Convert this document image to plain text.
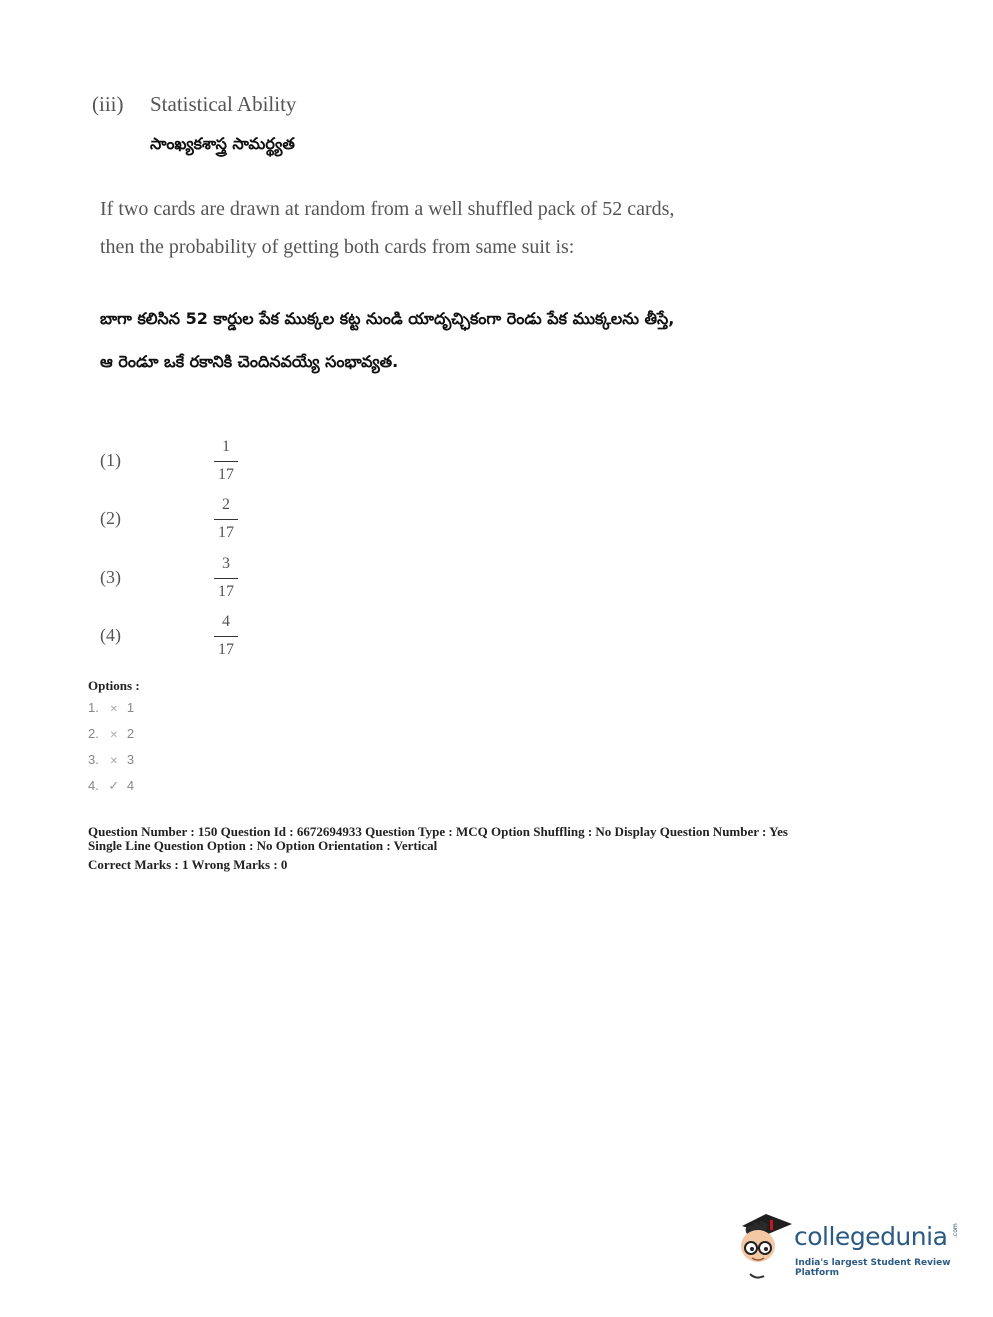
(iii) Statistical Ability
సాంఖ్యకశాస్త్ర సామర్థ్యత
If two cards are drawn at random from a well shuffled pack of 52 cards,
then the probability of getting both cards from same suit is:
బాగా కలిసిన 52 కార్డుల పేక ముక్కల కట్ట నుండి యాదృచ్ఛికంగా రెండు పేక ముక్కలను తీస్తే,
ఆ రెండూ ఒకే రకానికి చెందినవయ్యే సంభావ్యత.
(1)
1
17
(2)
2
17
(3)
3
17
(4)
4
17
Options :
1. ✕ 1
2. ✕ 2
3. ✕ 3
4. ✓ 4
Question Number : 150 Question Id : 6672694933 Question Type : MCQ Option Shuffling : No Display Question Number : Yes
Single Line Question Option : No Option Orientation : Vertical
Correct Marks : 1 Wrong Marks : 0
collegedunia .com
India's largest Student Review Platform
